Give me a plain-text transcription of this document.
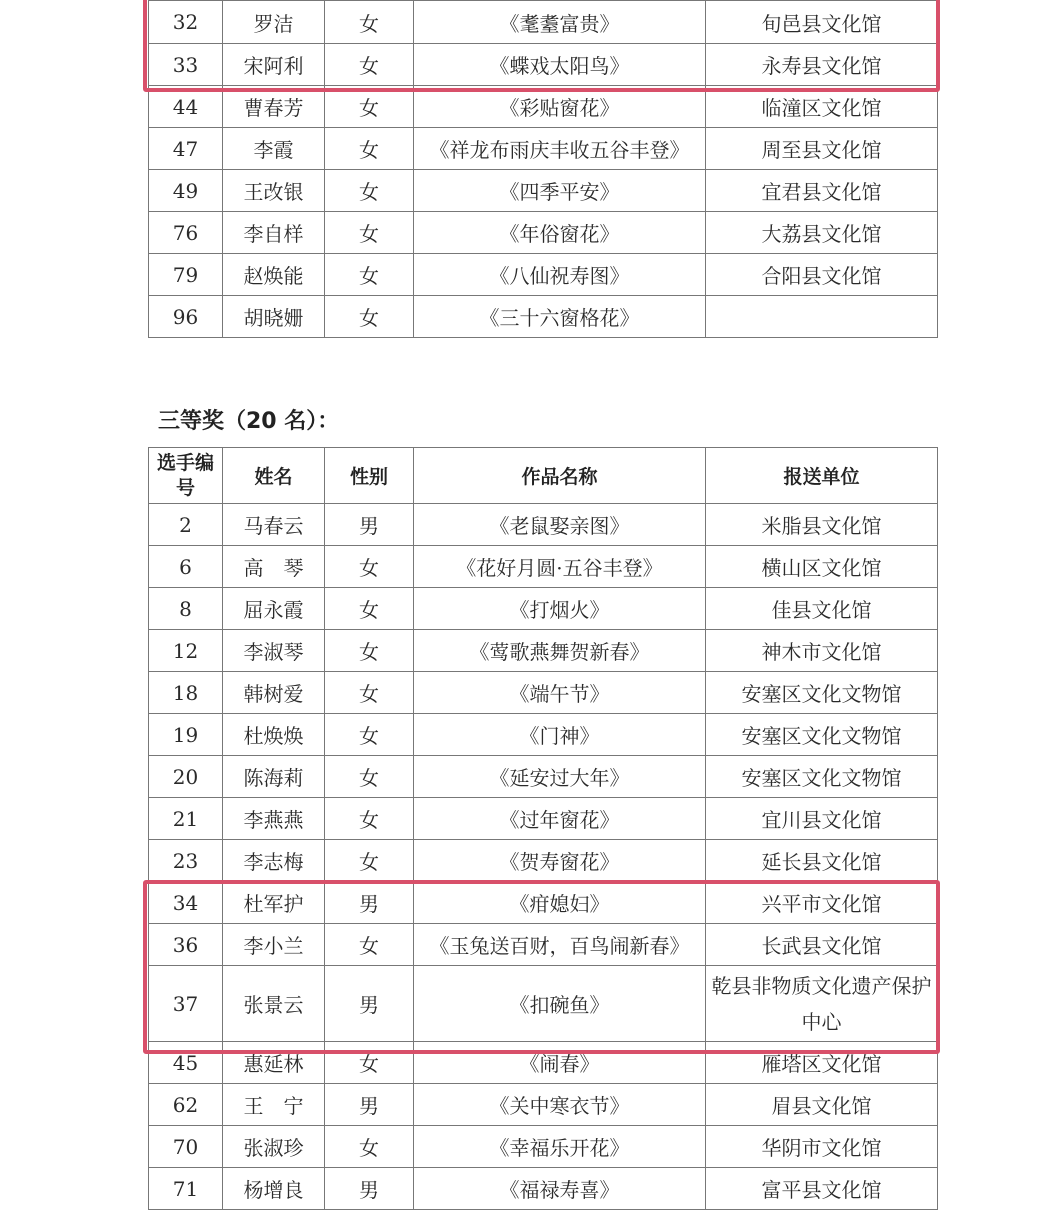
32	罗洁	女	《耄耋富贵》	旬邑县文化馆
33	宋阿利	女	《蝶戏太阳鸟》	永寿县文化馆
44	曹春芳	女	《彩贴窗花》	临潼区文化馆
47	李霞	女	《祥龙布雨庆丰收五谷丰登》	周至县文化馆
49	王改银	女	《四季平安》	宜君县文化馆
76	李自样	女	《年俗窗花》	大荔县文化馆
79	赵焕能	女	《八仙祝寿图》	合阳县文化馆
96	胡晓姗	女	《三十六窗格花》	
三等奖（20 名）：
选手编号	姓名	性别	作品名称	报送单位
2	马春云	男	《老鼠娶亲图》	米脂县文化馆
6	高　琴	女	《花好月圆·五谷丰登》	横山区文化馆
8	屈永霞	女	《打烟火》	佳县文化馆
12	李淑琴	女	《莺歌燕舞贺新春》	神木市文化馆
18	韩树爱	女	《端午节》	安塞区文化文物馆
19	杜焕焕	女	《门神》	安塞区文化文物馆
20	陈海莉	女	《延安过大年》	安塞区文化文物馆
21	李燕燕	女	《过年窗花》	宜川县文化馆
23	李志梅	女	《贺寿窗花》	延长县文化馆
34	杜军护	男	《疳媳妇》	兴平市文化馆
36	李小兰	女	《玉兔送百财，百鸟闹新春》	长武县文化馆
37	张景云	男	《扣碗鱼》	乾县非物质文化遗产保护中心
45	惠延林	女	《闹春》	雁塔区文化馆
62	王　宁	男	《关中寒衣节》	眉县文化馆
70	张淑珍	女	《幸福乐开花》	华阴市文化馆
71	杨增良	男	《福禄寿喜》	富平县文化馆
